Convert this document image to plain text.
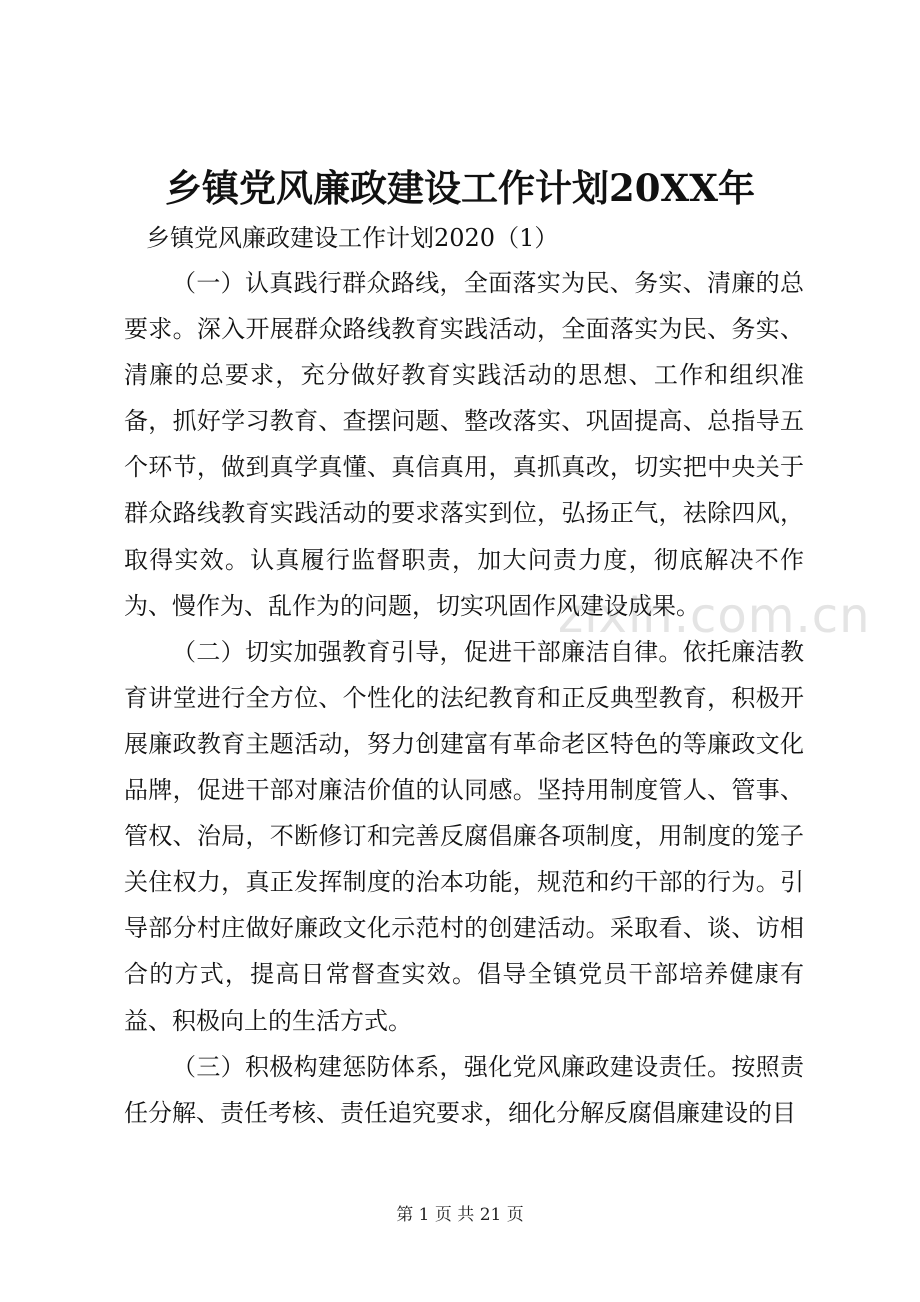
zixin.com.cn
乡镇党风廉政建设工作计划20XX年

乡镇党风廉政建设工作计划2020（1）

（一）认真践行群众路线，全面落实为民、务实、清廉的总要求。深入开展群众路线教育实践活动，全面落实为民、务实、清廉的总要求，充分做好教育实践活动的思想、工作和组织准备，抓好学习教育、查摆问题、整改落实、巩固提高、总指导五个环节，做到真学真懂、真信真用，真抓真改，切实把中央关于群众路线教育实践活动的要求落实到位，弘扬正气，祛除四风，取得实效。认真履行监督职责，加大问责力度，彻底解决不作为、慢作为、乱作为的问题，切实巩固作风建设成果。

（二）切实加强教育引导，促进干部廉洁自律。依托廉洁教育讲堂进行全方位、个性化的法纪教育和正反典型教育，积极开展廉政教育主题活动，努力创建富有革命老区特色的等廉政文化品牌，促进干部对廉洁价值的认同感。坚持用制度管人、管事、管权、治局，不断修订和完善反腐倡廉各项制度，用制度的笼子关住权力，真正发挥制度的治本功能，规范和约干部的行为。引导部分村庄做好廉政文化示范村的创建活动。采取看、谈、访相合的方式，提高日常督查实效。倡导全镇党员干部培养健康有益、积极向上的生活方式。

（三）积极构建惩防体系，强化党风廉政建设责任。按照责任分解、责任考核、责任追究要求，细化分解反腐倡廉建设的目

第 1 页 共 21 页
